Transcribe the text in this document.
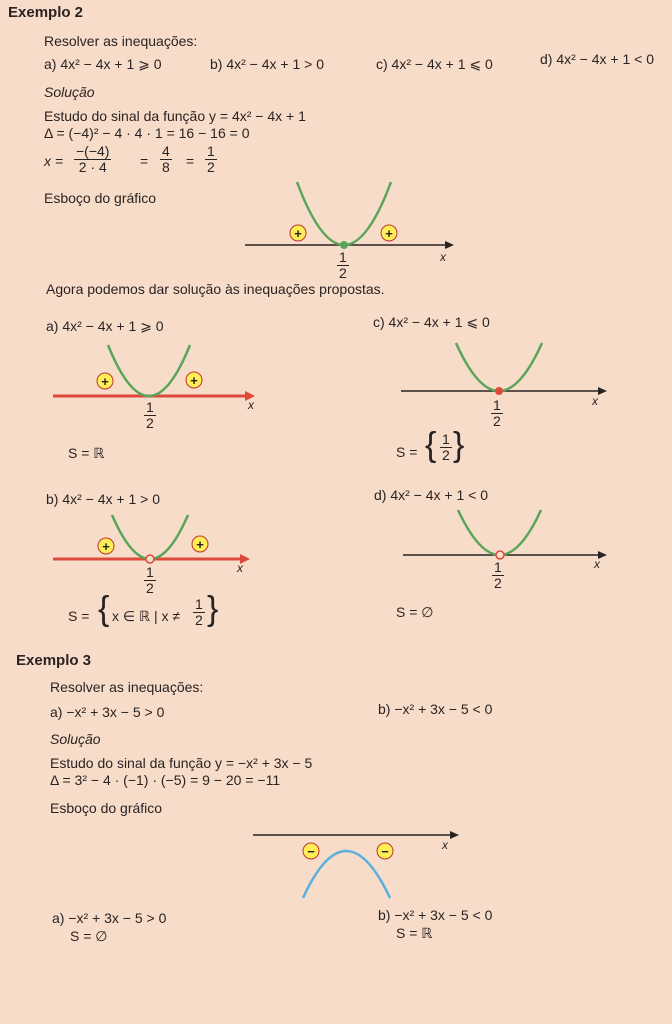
Exemplo 2
Resolver as inequações:
a) 4x² − 4x + 1 ⩾ 0	b) 4x² − 4x + 1 > 0	c) 4x² − 4x + 1 ⩽ 0	d) 4x² − 4x + 1 < 0
Solução
Estudo do sinal da função y = 4x² − 4x + 1
Δ = (−4)² − 4 · 4 · 1 = 16 − 16 = 0
$x = \frac{-(-4)}{2 \cdot 4} = \frac{4}{8} = \frac{1}{2}$
Esboço do gráfico
+	+
x
$\frac{1}{2}$
Agora podemos dar solução às inequações propostas.
a) 4x² − 4x + 1 ⩾ 0
+	+
x
$\frac{1}{2}$
S = ℝ
c) 4x² − 4x + 1 ⩽ 0
x
$\frac{1}{2}$
S = { $\frac{1}{2}$ }
b) 4x² − 4x + 1 > 0
+	+
x
$\frac{1}{2}$
S = { x ∈ ℝ | $x \ne \frac{1}{2}$ }
d) 4x² − 4x + 1 < 0
x
$\frac{1}{2}$
S = ∅
Exemplo 3
Resolver as inequações:
a) −x² + 3x − 5 > 0	b) −x² + 3x − 5 < 0
Solução
Estudo do sinal da função y = −x² + 3x − 5
Δ = 3² − 4 · (−1) · (−5) = 9 − 20 = −11
Esboço do gráfico
−	−	x
a) −x² + 3x − 5 > 0
S = ∅
b) −x² + 3x − 5 < 0
S = ℝ
